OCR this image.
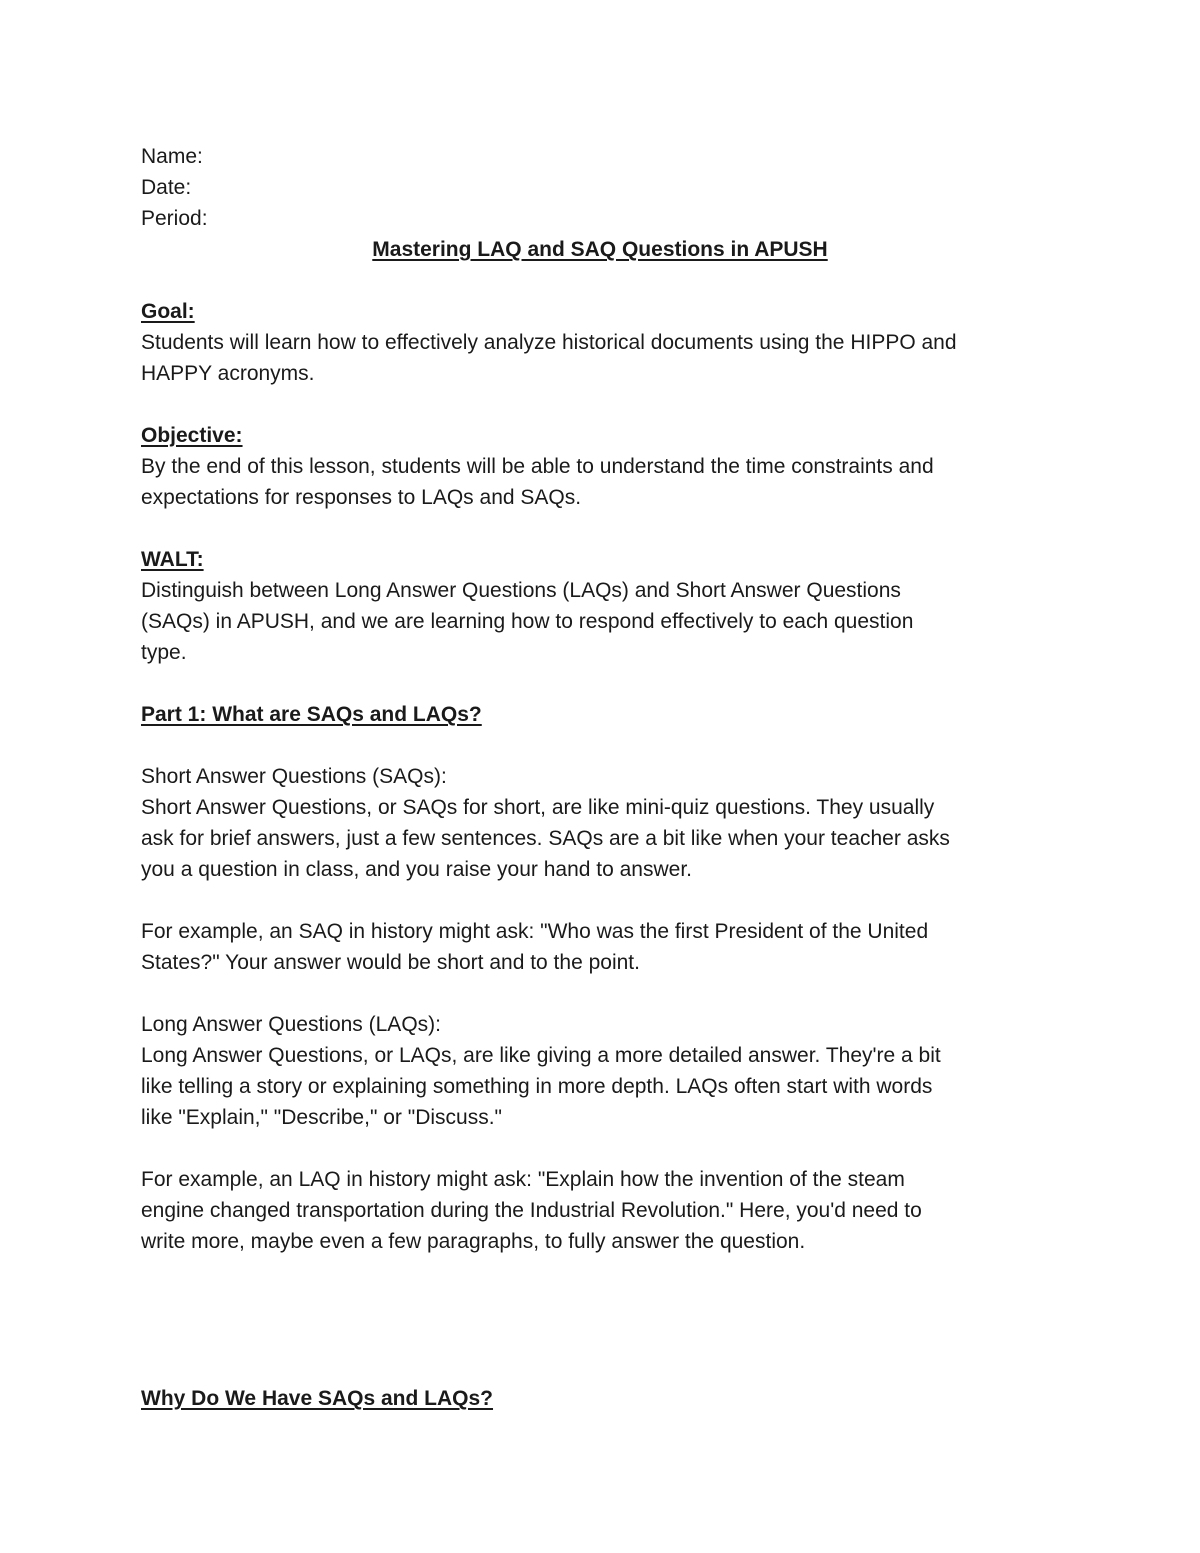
Name:
Date:
Period:
Mastering LAQ and SAQ Questions in APUSH
Goal:
Students will learn how to effectively analyze historical documents using the HIPPO and
HAPPY acronyms.
Objective:
By the end of this lesson, students will be able to understand the time constraints and
expectations for responses to LAQs and SAQs.
WALT:
Distinguish between Long Answer Questions (LAQs) and Short Answer Questions
(SAQs) in APUSH, and we are learning how to respond effectively to each question
type.
Part 1: What are SAQs and LAQs?
Short Answer Questions (SAQs):
Short Answer Questions, or SAQs for short, are like mini-quiz questions. They usually
ask for brief answers, just a few sentences. SAQs are a bit like when your teacher asks
you a question in class, and you raise your hand to answer.
For example, an SAQ in history might ask: "Who was the first President of the United
States?" Your answer would be short and to the point.
Long Answer Questions (LAQs):
Long Answer Questions, or LAQs, are like giving a more detailed answer. They're a bit
like telling a story or explaining something in more depth. LAQs often start with words
like "Explain," "Describe," or "Discuss."
For example, an LAQ in history might ask: "Explain how the invention of the steam
engine changed transportation during the Industrial Revolution." Here, you'd need to
write more, maybe even a few paragraphs, to fully answer the question.
Why Do We Have SAQs and LAQs?
